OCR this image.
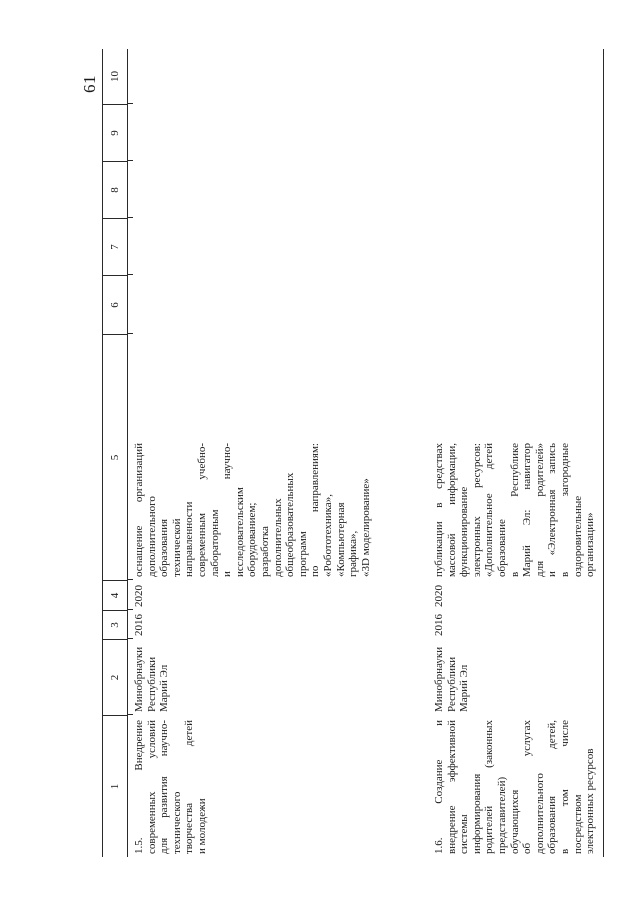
61
1
2
3
4
5
6
7
8
9
10
1.5. Внедрение современных условий для развития научно- технического творчества детей и молодежи
Минобрнауки Республики Марий Эл
2016
2020
оснащение организаций дополнительного образования технической направленности современным учебно- лабораторным и научно- исследовательским оборудованием; разработка дополнительных общеобразовательных программ по направлениям: «Робототехника», «Компьютерная графика», «3D моделирование»
1.6. Создание и внедрение эффективной системы информирования родителей (законных представителей) обучающихся об услугах дополнительного образования детей, в том числе посредством электронных ресурсов
Минобрнауки Республики Марий Эл
2016
2020
публикации в средствах массовой информации, функционирование электронных ресурсов: «Дополнительное детей образование в Республике Марий Эл: навигатор для родителей» и «Электронная запись в загородные оздоровительные организации»
